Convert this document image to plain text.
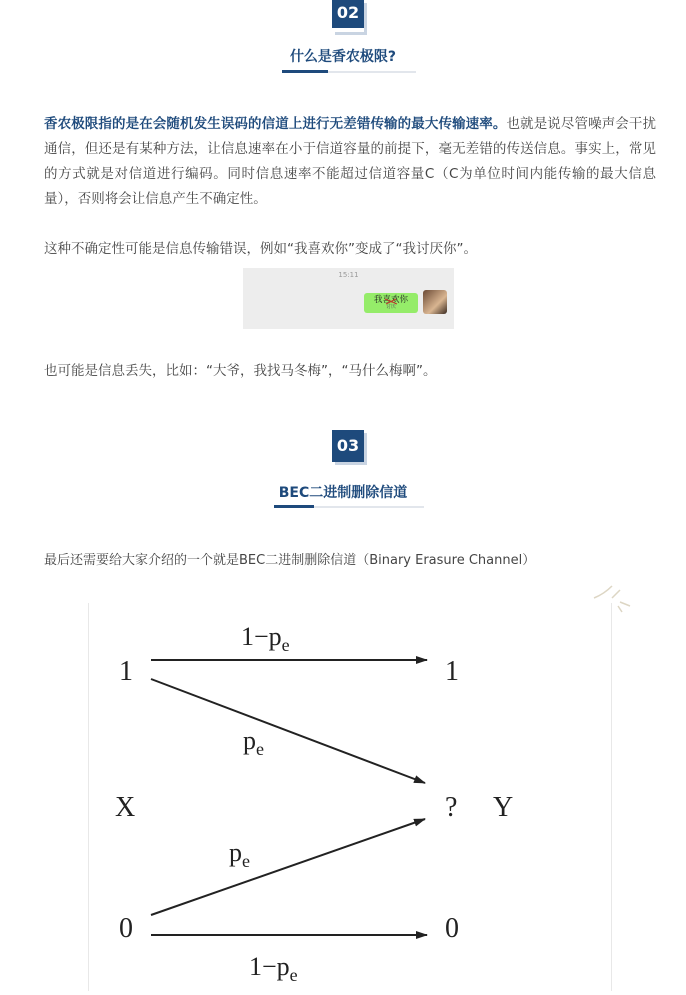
02
什么是香农极限?

香农极限指的是在会随机发生误码的信道上进行无差错传输的最大传输速率。也就是说尽管噪声会干扰通信，但还是有某种方法，让信息速率在小于信道容量的前提下，毫无差错的传送信息。事实上，常见的方式就是对信道进行编码。同时信息速率不能超过信道容量C（C为单位时间内能传输的最大信息量），否则将会让信息产生不确定性。

这种不确定性可能是信息传输错误，例如“我喜欢你”变成了“我讨厌你”。

15:11
我喜欢你
讨厌

也可能是信息丢失，比如：“大爷，我找马冬梅”，“马什么梅啊”。

03
BEC二进制删除信道

最后还需要给大家介绍的一个就是BEC二进制删除信道（Binary Erasure Channel）

1
0
1
?
0
X	Y
$1-p_e$
$p_e$
$p_e$
$1-p_e$
